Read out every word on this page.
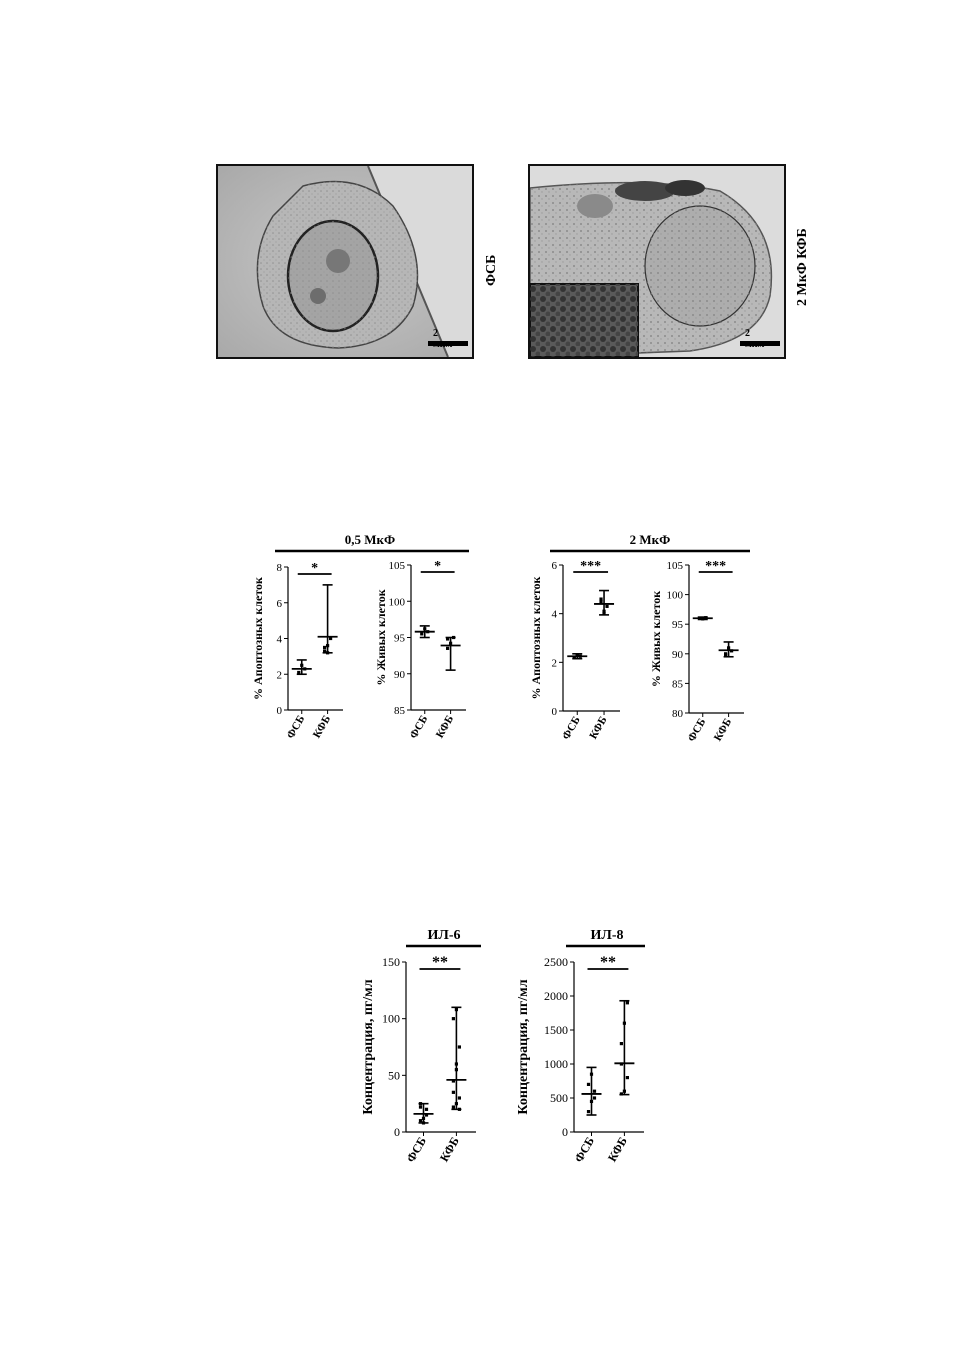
2
ФСБ
2
2 МкФ КФБ
0,5 МкФ	2 МкФ
ИЛ-6	ИЛ-8
0
2
4
6
8
% Апоптозных клеток
ФСБ КФБ
*
85
90
95
100
105
% Живых клеток
ФСБ КФБ
*
0
2
4
6
% Апоптозных клеток
ФСБ КФБ
***
80
85
90
95
100
105
% Живых клеток
ФСБ КФБ
***
0
50
100
150
Концентрация, пг/мл
ФСБ КФБ
**
0
500
1000
1500
2000
2500
Концентрация, пг/мл
ФСБ КФБ
**
